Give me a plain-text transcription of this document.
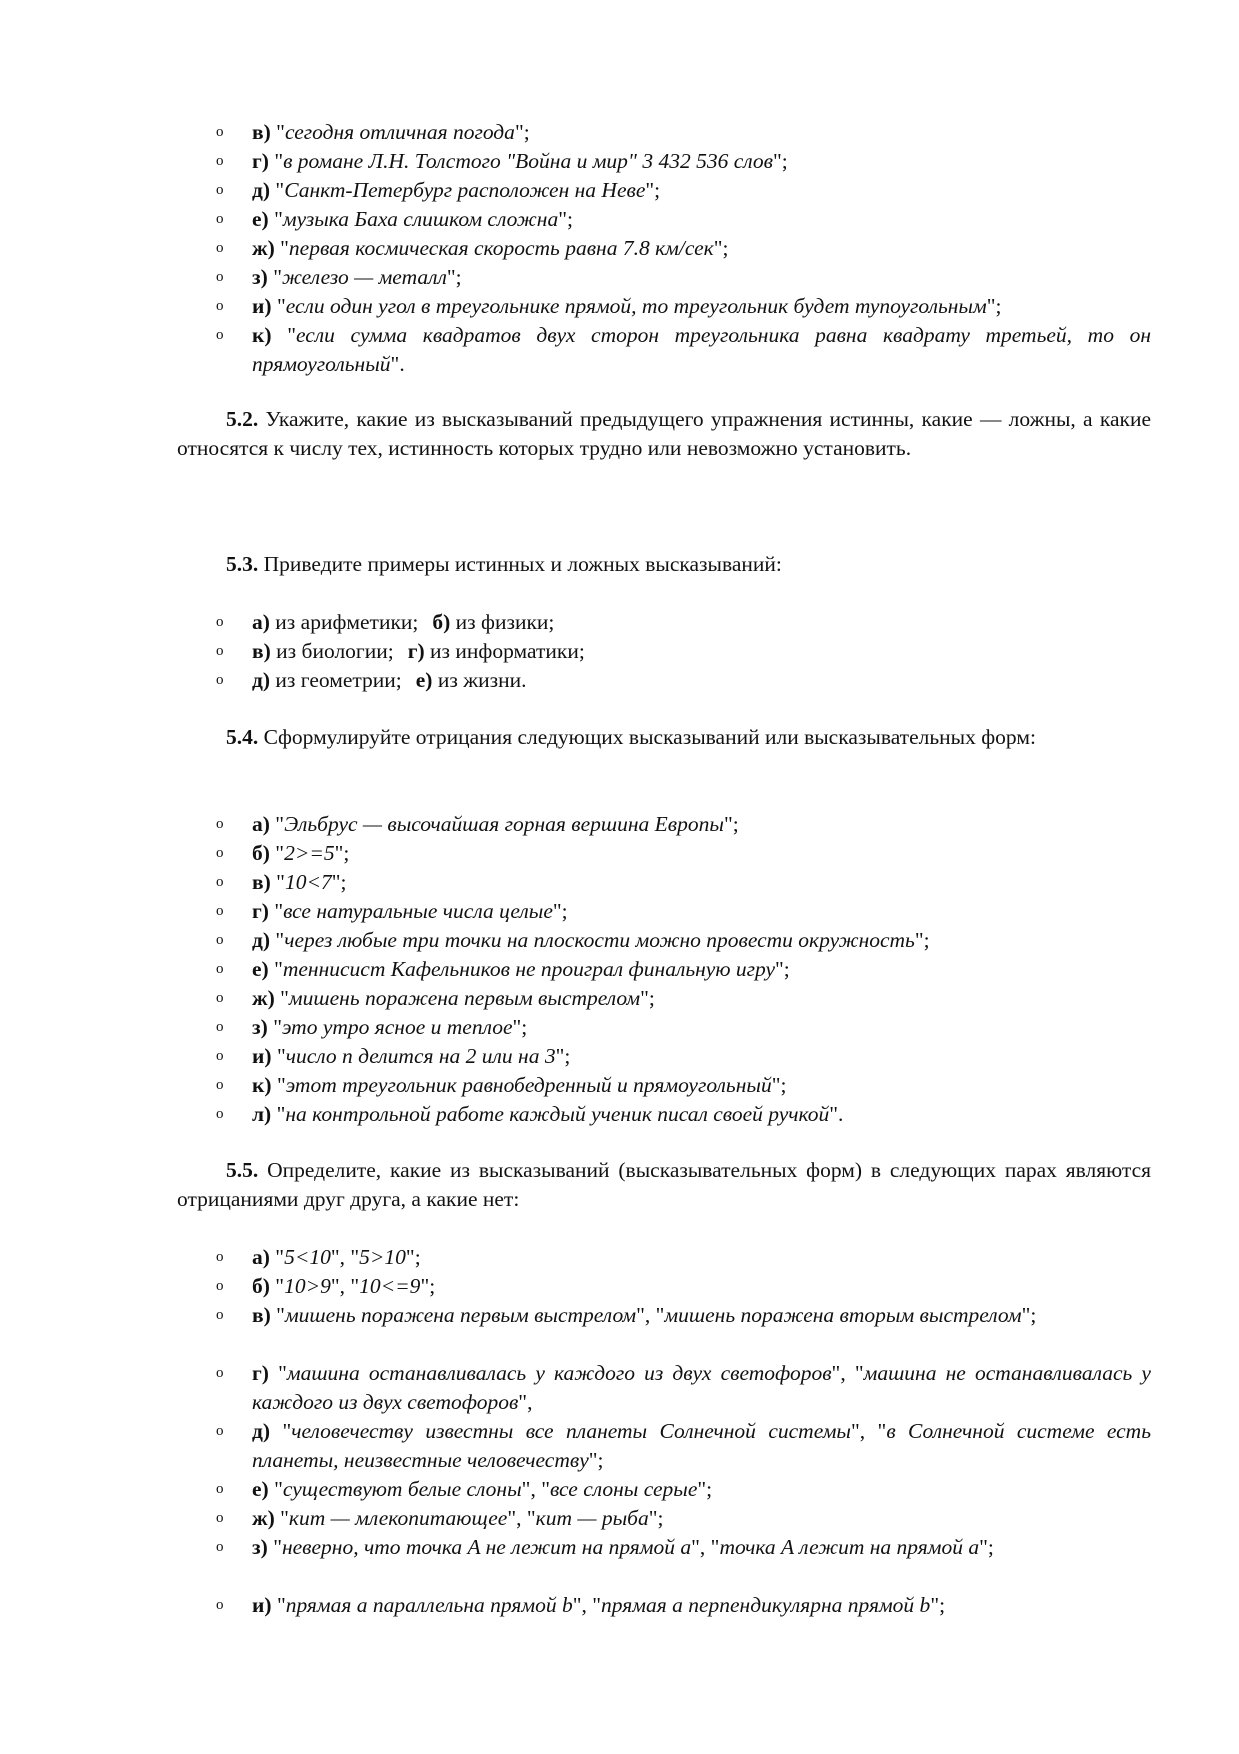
o в) "сегодня отличная погода";
o г) "в романе Л.Н. Толстого "Война и мир" 3 432 536 слов";
o д) "Санкт-Петербург расположен на Неве";
o е) "музыка Баха слишком сложна";
o ж) "первая космическая скорость равна 7.8 км/сек";
o з) "железо — металл";
o и) "если один угол в треугольнике прямой, то треугольник будет тупоугольным";
o к) "если сумма квадратов двух сторон треугольника равна квадрату третьей, то он прямоугольный".
5.2. Укажите, какие из высказываний предыдущего упражнения истинны, какие — ложны, а какие относятся к числу тех, истинность которых трудно или невозможно установить.
5.3. Приведите примеры истинных и ложных высказываний:
o а) из арифметики; б) из физики;
o в) из биологии; г) из информатики;
o д) из геометрии; е) из жизни.
5.4. Сформулируйте отрицания следующих высказываний или высказывательных форм:
o а) "Эльбрус — высочайшая горная вершина Европы";
o б) "2>=5";
o в) "10<7";
o г) "все натуральные числа целые";
o д) "через любые три точки на плоскости можно провести окружность";
o е) "теннисист Кафельников не проиграл финальную игру";
o ж) "мишень поражена первым выстрелом";
o з) "это утро ясное и теплое";
o и) "число n делится на 2 или на 3";
o к) "этот треугольник равнобедренный и прямоугольный";
o л) "на контрольной работе каждый ученик писал своей ручкой".
5.5. Определите, какие из высказываний (высказывательных форм) в следующих парах являются отрицаниями друг друга, а какие нет:
o а) "5<10", "5>10";
o б) "10>9", "10<=9";
o в) "мишень поражена первым выстрелом", "мишень поражена вторым выстрелом";
o г) "машина останавливалась у каждого из двух светофоров", "машина не останавливалась у каждого из двух светофоров",
o д) "человечеству известны все планеты Солнечной системы", "в Солнечной системе есть планеты, неизвестные человечеству";
o е) "существуют белые слоны", "все слоны серые";
o ж) "кит — млекопитающее", "кит — рыба";
o з) "неверно, что точка A не лежит на прямой a", "точка A лежит на прямой a";
o и) "прямая a параллельна прямой b", "прямая a перпендикулярна прямой b";
